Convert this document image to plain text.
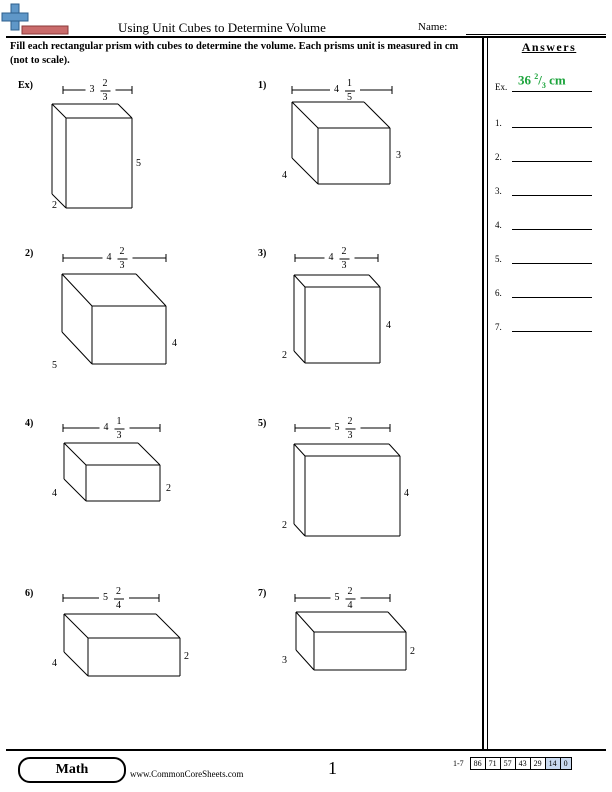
Using Unit Cubes to Determine Volume	Name:
Fill each rectangular prism with cubes to determine the volume. Each prisms unit is measured in cm (not to scale).
Answers
Ex. 36 $^2/_3$ cm
1.
2.
3.
4.
5.
6.
7.
Ex)	3
2
3
5
2
1)	4
1
5
3
4
2)	4
2
3
4
5
3)	4
2
3
4
2
4)	4
1
3
2
4
5)	5
2
3
4
2
6)	5
2
4
2
4
7)	5
2
4
2
3
Math	www.CommonCoreSheets.com	1	1-7	86	71	57	43	29	14	0
